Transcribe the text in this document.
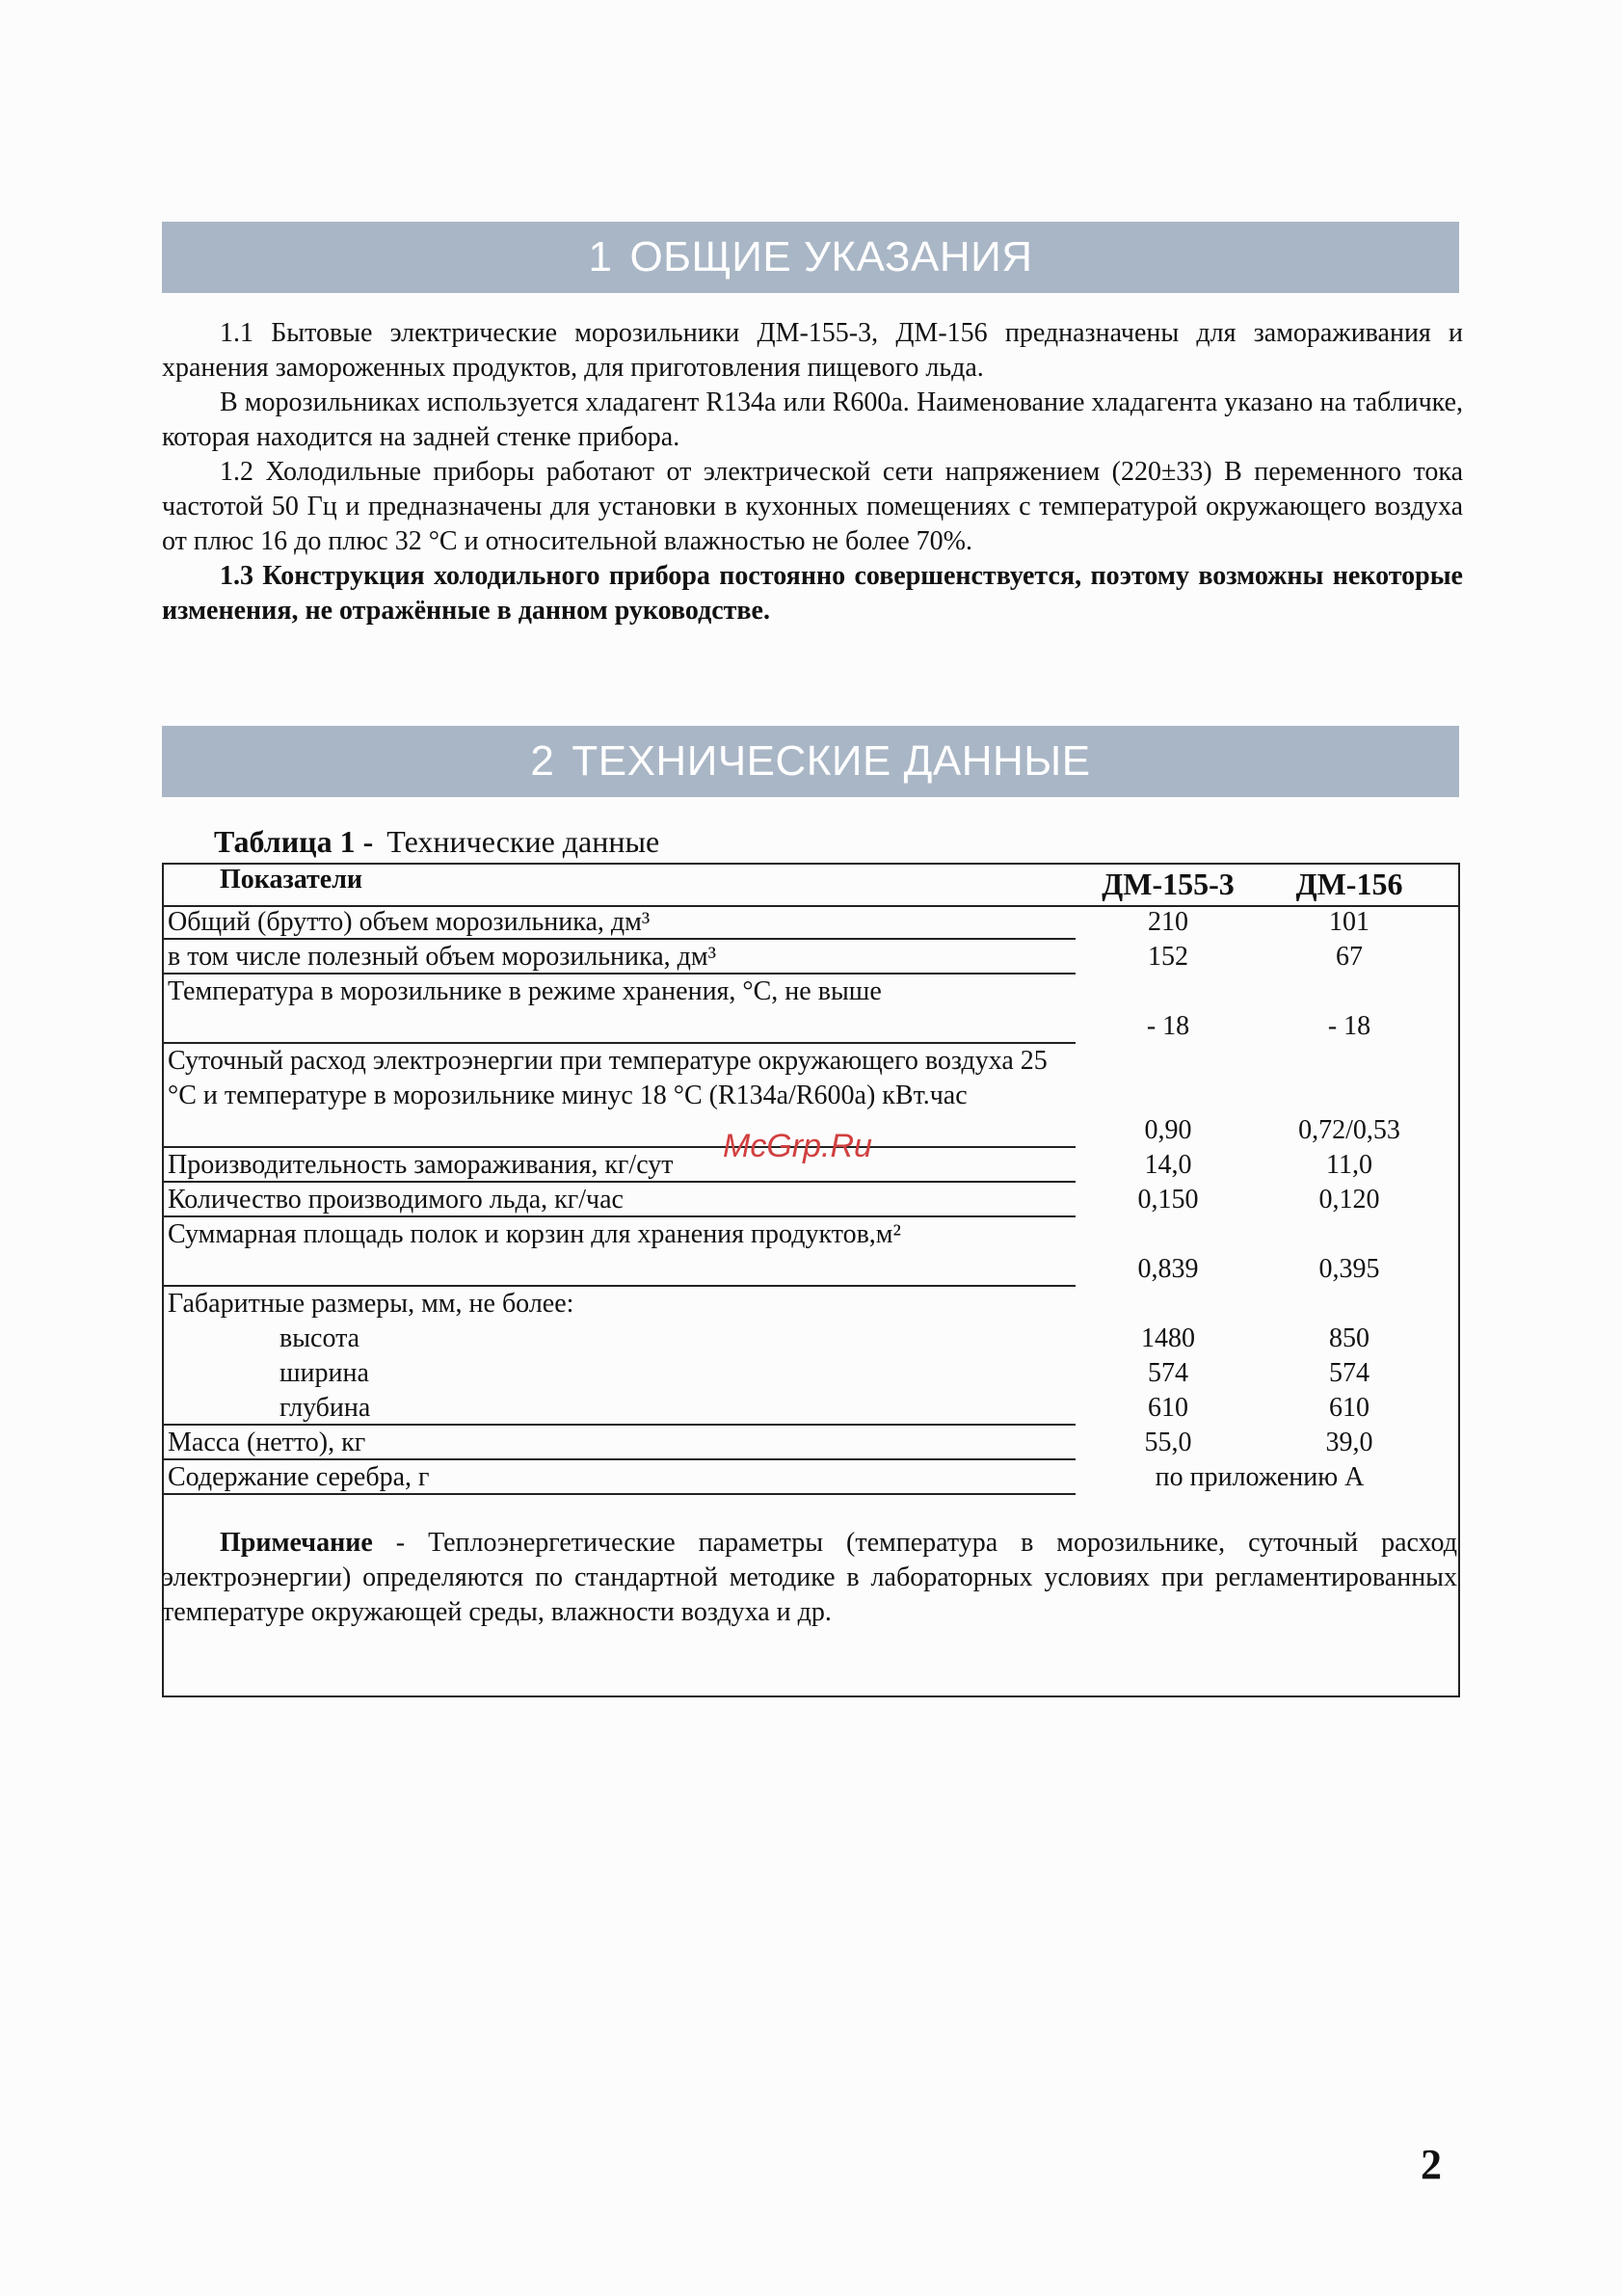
1 ОБЩИЕ УКАЗАНИЯ

1.1 Бытовые электрические морозильники ДМ-155-3, ДМ-156 предназначены для замораживания и хранения замороженных продуктов, для приготовления пищевого льда.

В морозильниках используется хладагент R134a или R600a. Наименование хладагента указано на табличке, которая находится на задней стенке прибора.

1.2 Холодильные приборы работают от электрической сети напряжением (220±33) В переменного тока частотой 50 Гц и предназначены для установки в кухонных помещениях с температурой окружающего воздуха от плюс 16 до плюс 32 °С и относительной влажностью не более 70%.

1.3 Конструкция холодильного прибора постоянно совершенствуется, поэтому возможны некоторые изменения, не отражённые в данном руководстве.

2 ТЕХНИЧЕСКИЕ ДАННЫЕ
Таблица 1 - Технические данные
Показатели	ДМ-155-3	ДМ-156
Общий (брутто) объем морозильника, дм³	210	101
в том числе полезный объем морозильника, дм³	152	67
Температура в морозильнике в режиме хранения, °С, не выше
- 18	- 18
Суточный расход электроэнергии при температуре окружающего воздуха 25 °С и температуре в морозильнике минус 18 °С (R134a/R600a) кВт.час
0,90	0,72/0,53
Производительность замораживания, кг/сут	14,0	11,0
Количество производимого льда, кг/час	0,150	0,120
Суммарная площадь полок и корзин для хранения продуктов,м²
0,839	0,395
Габаритные размеры, мм, не более:
высота	1480	850
ширина	574	574
глубина	610	610
Масса (нетто), кг	55,0	39,0
Содержание серебра, г	по приложению А
Примечание - Теплоэнергетические параметры (температура в морозильнике, суточный расход электроэнергии) определяются по стандартной методике в лабораторных условиях при регламентированных температуре окружающей среды, влажности воздуха и др.
McGrp.Ru
2
